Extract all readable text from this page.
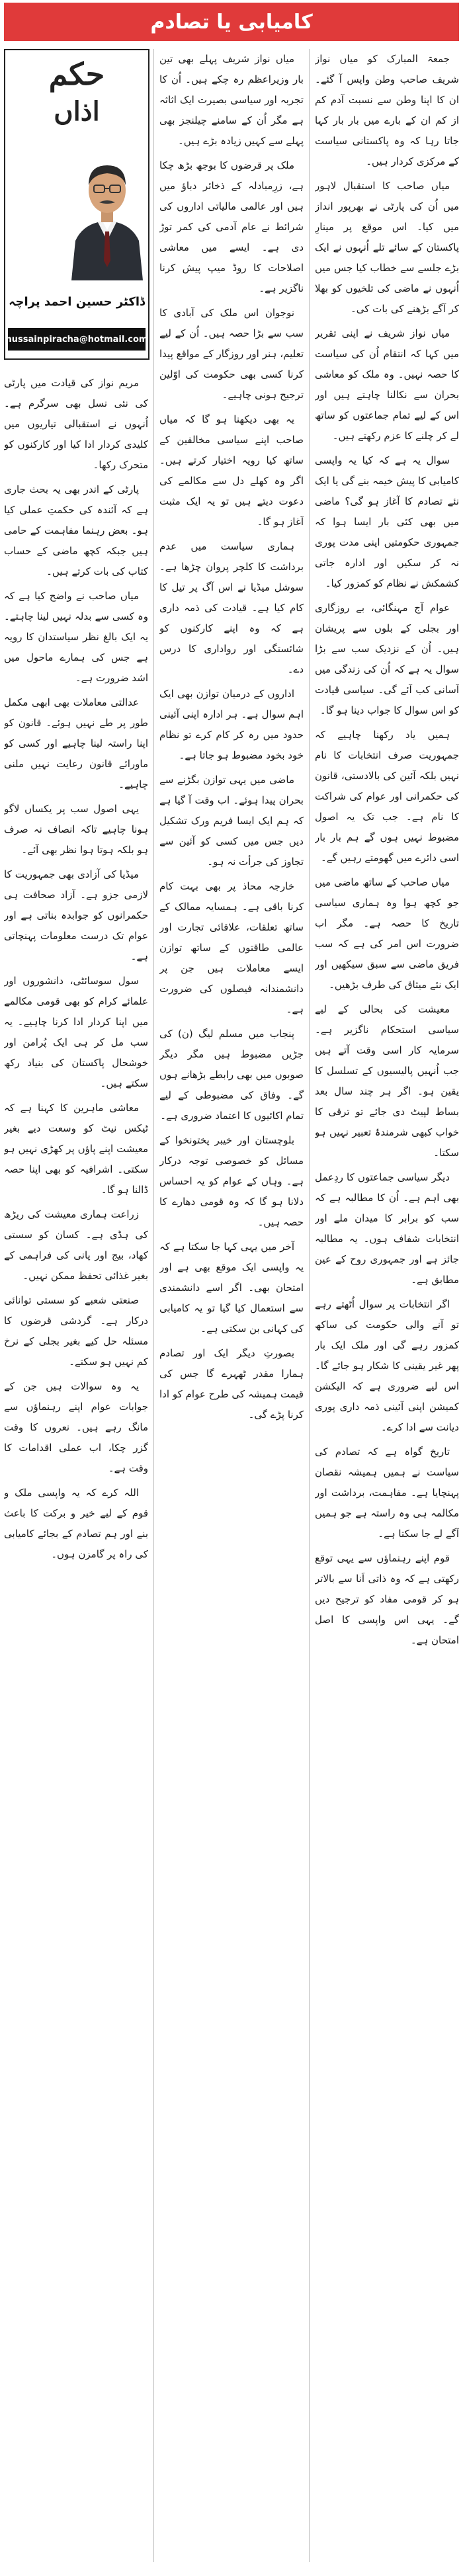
کامیابی یا تصادم

جمعۃ المبارک کو میاں نواز شریف صاحب وطن واپس آ گئے۔ ان کا اپنا وطن سے نسبت آدم کم از کم ان کے بارے میں بار بار کہا جاتا رہا کہ وہ پاکستانی سیاست کے مرکزی کردار ہیں۔

میاں صاحب کا استقبال لاہور میں اُن کی پارٹی نے بھرپور انداز میں کیا۔ اس موقع پر مینارِ پاکستان کے سائے تلے اُنہوں نے ایک بڑے جلسے سے خطاب کیا جس میں اُنہوں نے ماضی کی تلخیوں کو بھلا کر آگے بڑھنے کی بات کی۔

میاں نواز شریف نے اپنی تقریر میں کہا کہ انتقام اُن کی سیاست کا حصہ نہیں۔ وہ ملک کو معاشی بحران سے نکالنا چاہتے ہیں اور اس کے لیے تمام جماعتوں کو ساتھ لے کر چلنے کا عزم رکھتے ہیں۔

سوال یہ ہے کہ کیا یہ واپسی کامیابی کا پیش خیمہ بنے گی یا ایک نئے تصادم کا آغاز ہو گی؟ ماضی میں بھی کئی بار ایسا ہوا کہ جمہوری حکومتیں اپنی مدت پوری نہ کر سکیں اور ادارہ جاتی کشمکش نے نظام کو کمزور کیا۔

عوام آج مہنگائی، بے روزگاری اور بجلی کے بلوں سے پریشان ہیں۔ اُن کے نزدیک سب سے بڑا سوال یہ ہے کہ اُن کی زندگی میں آسانی کب آئے گی۔ سیاسی قیادت کو اس سوال کا جواب دینا ہو گا۔

ہمیں یاد رکھنا چاہیے کہ جمہوریت صرف انتخابات کا نام نہیں بلکہ آئین کی بالادستی، قانون کی حکمرانی اور عوام کی شراکت کا نام ہے۔ جب تک یہ اصول مضبوط نہیں ہوں گے ہم بار بار اسی دائرے میں گھومتے رہیں گے۔

میاں صاحب کے ساتھ ماضی میں جو کچھ ہوا وہ ہماری سیاسی تاریخ کا حصہ ہے۔ مگر اب ضرورت اس امر کی ہے کہ سب فریق ماضی سے سبق سیکھیں اور ایک نئے میثاق کی طرف بڑھیں۔

معیشت کی بحالی کے لیے سیاسی استحکام ناگزیر ہے۔ سرمایہ کار اسی وقت آتے ہیں جب اُنہیں پالیسیوں کے تسلسل کا یقین ہو۔ اگر ہر چند سال بعد بساط لپیٹ دی جائے تو ترقی کا خواب کبھی شرمندۂ تعبیر نہیں ہو سکتا۔

دیگر سیاسی جماعتوں کا ردِعمل بھی اہم ہے۔ اُن کا مطالبہ ہے کہ سب کو برابر کا میدان ملے اور انتخابات شفاف ہوں۔ یہ مطالبہ جائز ہے اور جمہوری روح کے عین مطابق ہے۔

اگر انتخابات پر سوال اُٹھتے رہے تو آنے والی حکومت کی ساکھ کمزور رہے گی اور ملک ایک بار پھر غیر یقینی کا شکار ہو جائے گا۔ اس لیے ضروری ہے کہ الیکشن کمیشن اپنی آئینی ذمہ داری پوری دیانت سے ادا کرے۔

تاریخ گواہ ہے کہ تصادم کی سیاست نے ہمیں ہمیشہ نقصان پہنچایا ہے۔ مفاہمت، برداشت اور مکالمہ ہی وہ راستہ ہے جو ہمیں آگے لے جا سکتا ہے۔

قوم اپنے رہنماؤں سے یہی توقع رکھتی ہے کہ وہ ذاتی اَنا سے بالاتر ہو کر قومی مفاد کو ترجیح دیں گے۔ یہی اس واپسی کا اصل امتحان ہے۔

میاں نواز شریف پہلے بھی تین بار وزیراعظم رہ چکے ہیں۔ اُن کا تجربہ اور سیاسی بصیرت ایک اثاثہ ہے مگر اُن کے سامنے چیلنجز بھی پہلے سے کہیں زیادہ بڑے ہیں۔

ملک پر قرضوں کا بوجھ بڑھ چکا ہے، زرِمبادلہ کے ذخائر دباؤ میں ہیں اور عالمی مالیاتی اداروں کی شرائط نے عام آدمی کی کمر توڑ دی ہے۔ ایسے میں معاشی اصلاحات کا روڈ میپ پیش کرنا ناگزیر ہے۔

نوجوان اس ملک کی آبادی کا سب سے بڑا حصہ ہیں۔ اُن کے لیے تعلیم، ہنر اور روزگار کے مواقع پیدا کرنا کسی بھی حکومت کی اوّلین ترجیح ہونی چاہیے۔

یہ بھی دیکھنا ہو گا کہ میاں صاحب اپنے سیاسی مخالفین کے ساتھ کیا رویہ اختیار کرتے ہیں۔ اگر وہ کھلے دل سے مکالمے کی دعوت دیتے ہیں تو یہ ایک مثبت آغاز ہو گا۔

ہماری سیاست میں عدم برداشت کا کلچر پروان چڑھا ہے۔ سوشل میڈیا نے اس آگ پر تیل کا کام کیا ہے۔ قیادت کی ذمہ داری ہے کہ وہ اپنے کارکنوں کو شائستگی اور رواداری کا درس دے۔

اداروں کے درمیان توازن بھی ایک اہم سوال ہے۔ ہر ادارہ اپنی آئینی حدود میں رہ کر کام کرے تو نظام خود بخود مضبوط ہو جاتا ہے۔

ماضی میں یہی توازن بگڑنے سے بحران پیدا ہوئے۔ اب وقت آ گیا ہے کہ ہم ایک ایسا فریم ورک تشکیل دیں جس میں کسی کو آئین سے تجاوز کی جرأت نہ ہو۔

خارجہ محاذ پر بھی بہت کام کرنا باقی ہے۔ ہمسایہ ممالک کے ساتھ تعلقات، علاقائی تجارت اور عالمی طاقتوں کے ساتھ توازن ایسے معاملات ہیں جن پر دانشمندانہ فیصلوں کی ضرورت ہے۔

پنجاب میں مسلم لیگ (ن) کی جڑیں مضبوط ہیں مگر دیگر صوبوں میں بھی رابطے بڑھانے ہوں گے۔ وفاق کی مضبوطی کے لیے تمام اکائیوں کا اعتماد ضروری ہے۔

بلوچستان اور خیبر پختونخوا کے مسائل کو خصوصی توجہ درکار ہے۔ وہاں کے عوام کو یہ احساس دلانا ہو گا کہ وہ قومی دھارے کا حصہ ہیں۔

آخر میں یہی کہا جا سکتا ہے کہ یہ واپسی ایک موقع بھی ہے اور امتحان بھی۔ اگر اسے دانشمندی سے استعمال کیا گیا تو یہ کامیابی کی کہانی بن سکتی ہے۔

بصورتِ دیگر ایک اور تصادم ہمارا مقدر ٹھہرے گا جس کی قیمت ہمیشہ کی طرح عوام کو ادا کرنا پڑے گی۔

حکم
اذاں
ڈاکٹر حسین احمد پراچہ
hussainpiracha@hotmail.com

مریم نواز کی قیادت میں پارٹی کی نئی نسل بھی سرگرم ہے۔ اُنہوں نے استقبالی تیاریوں میں کلیدی کردار ادا کیا اور کارکنوں کو متحرک رکھا۔

پارٹی کے اندر بھی یہ بحث جاری ہے کہ آئندہ کی حکمتِ عملی کیا ہو۔ بعض رہنما مفاہمت کے حامی ہیں جبکہ کچھ ماضی کے حساب کتاب کی بات کرتے ہیں۔

میاں صاحب نے واضح کیا ہے کہ وہ کسی سے بدلہ نہیں لینا چاہتے۔ یہ ایک بالغ نظر سیاستدان کا رویہ ہے جس کی ہمارے ماحول میں اشد ضرورت ہے۔

عدالتی معاملات بھی ابھی مکمل طور پر طے نہیں ہوئے۔ قانون کو اپنا راستہ لینا چاہیے اور کسی کو ماورائے قانون رعایت نہیں ملنی چاہیے۔

یہی اصول سب پر یکساں لاگو ہونا چاہیے تاکہ انصاف نہ صرف ہو بلکہ ہوتا ہوا نظر بھی آئے۔

میڈیا کی آزادی بھی جمہوریت کا لازمی جزو ہے۔ آزاد صحافت ہی حکمرانوں کو جوابدہ بناتی ہے اور عوام تک درست معلومات پہنچاتی ہے۔

سول سوسائٹی، دانشوروں اور علمائے کرام کو بھی قومی مکالمے میں اپنا کردار ادا کرنا چاہیے۔ یہ سب مل کر ہی ایک پُرامن اور خوشحال پاکستان کی بنیاد رکھ سکتے ہیں۔

معاشی ماہرین کا کہنا ہے کہ ٹیکس نیٹ کو وسعت دیے بغیر معیشت اپنے پاؤں پر کھڑی نہیں ہو سکتی۔ اشرافیہ کو بھی اپنا حصہ ڈالنا ہو گا۔

زراعت ہماری معیشت کی ریڑھ کی ہڈی ہے۔ کسان کو سستی کھاد، بیج اور پانی کی فراہمی کے بغیر غذائی تحفظ ممکن نہیں۔

صنعتی شعبے کو سستی توانائی درکار ہے۔ گردشی قرضوں کا مسئلہ حل کیے بغیر بجلی کے نرخ کم نہیں ہو سکتے۔

یہ وہ سوالات ہیں جن کے جوابات عوام اپنے رہنماؤں سے مانگ رہے ہیں۔ نعروں کا وقت گزر چکا، اب عملی اقدامات کا وقت ہے۔

اللہ کرے کہ یہ واپسی ملک و قوم کے لیے خیر و برکت کا باعث بنے اور ہم تصادم کے بجائے کامیابی کی راہ پر گامزن ہوں۔
